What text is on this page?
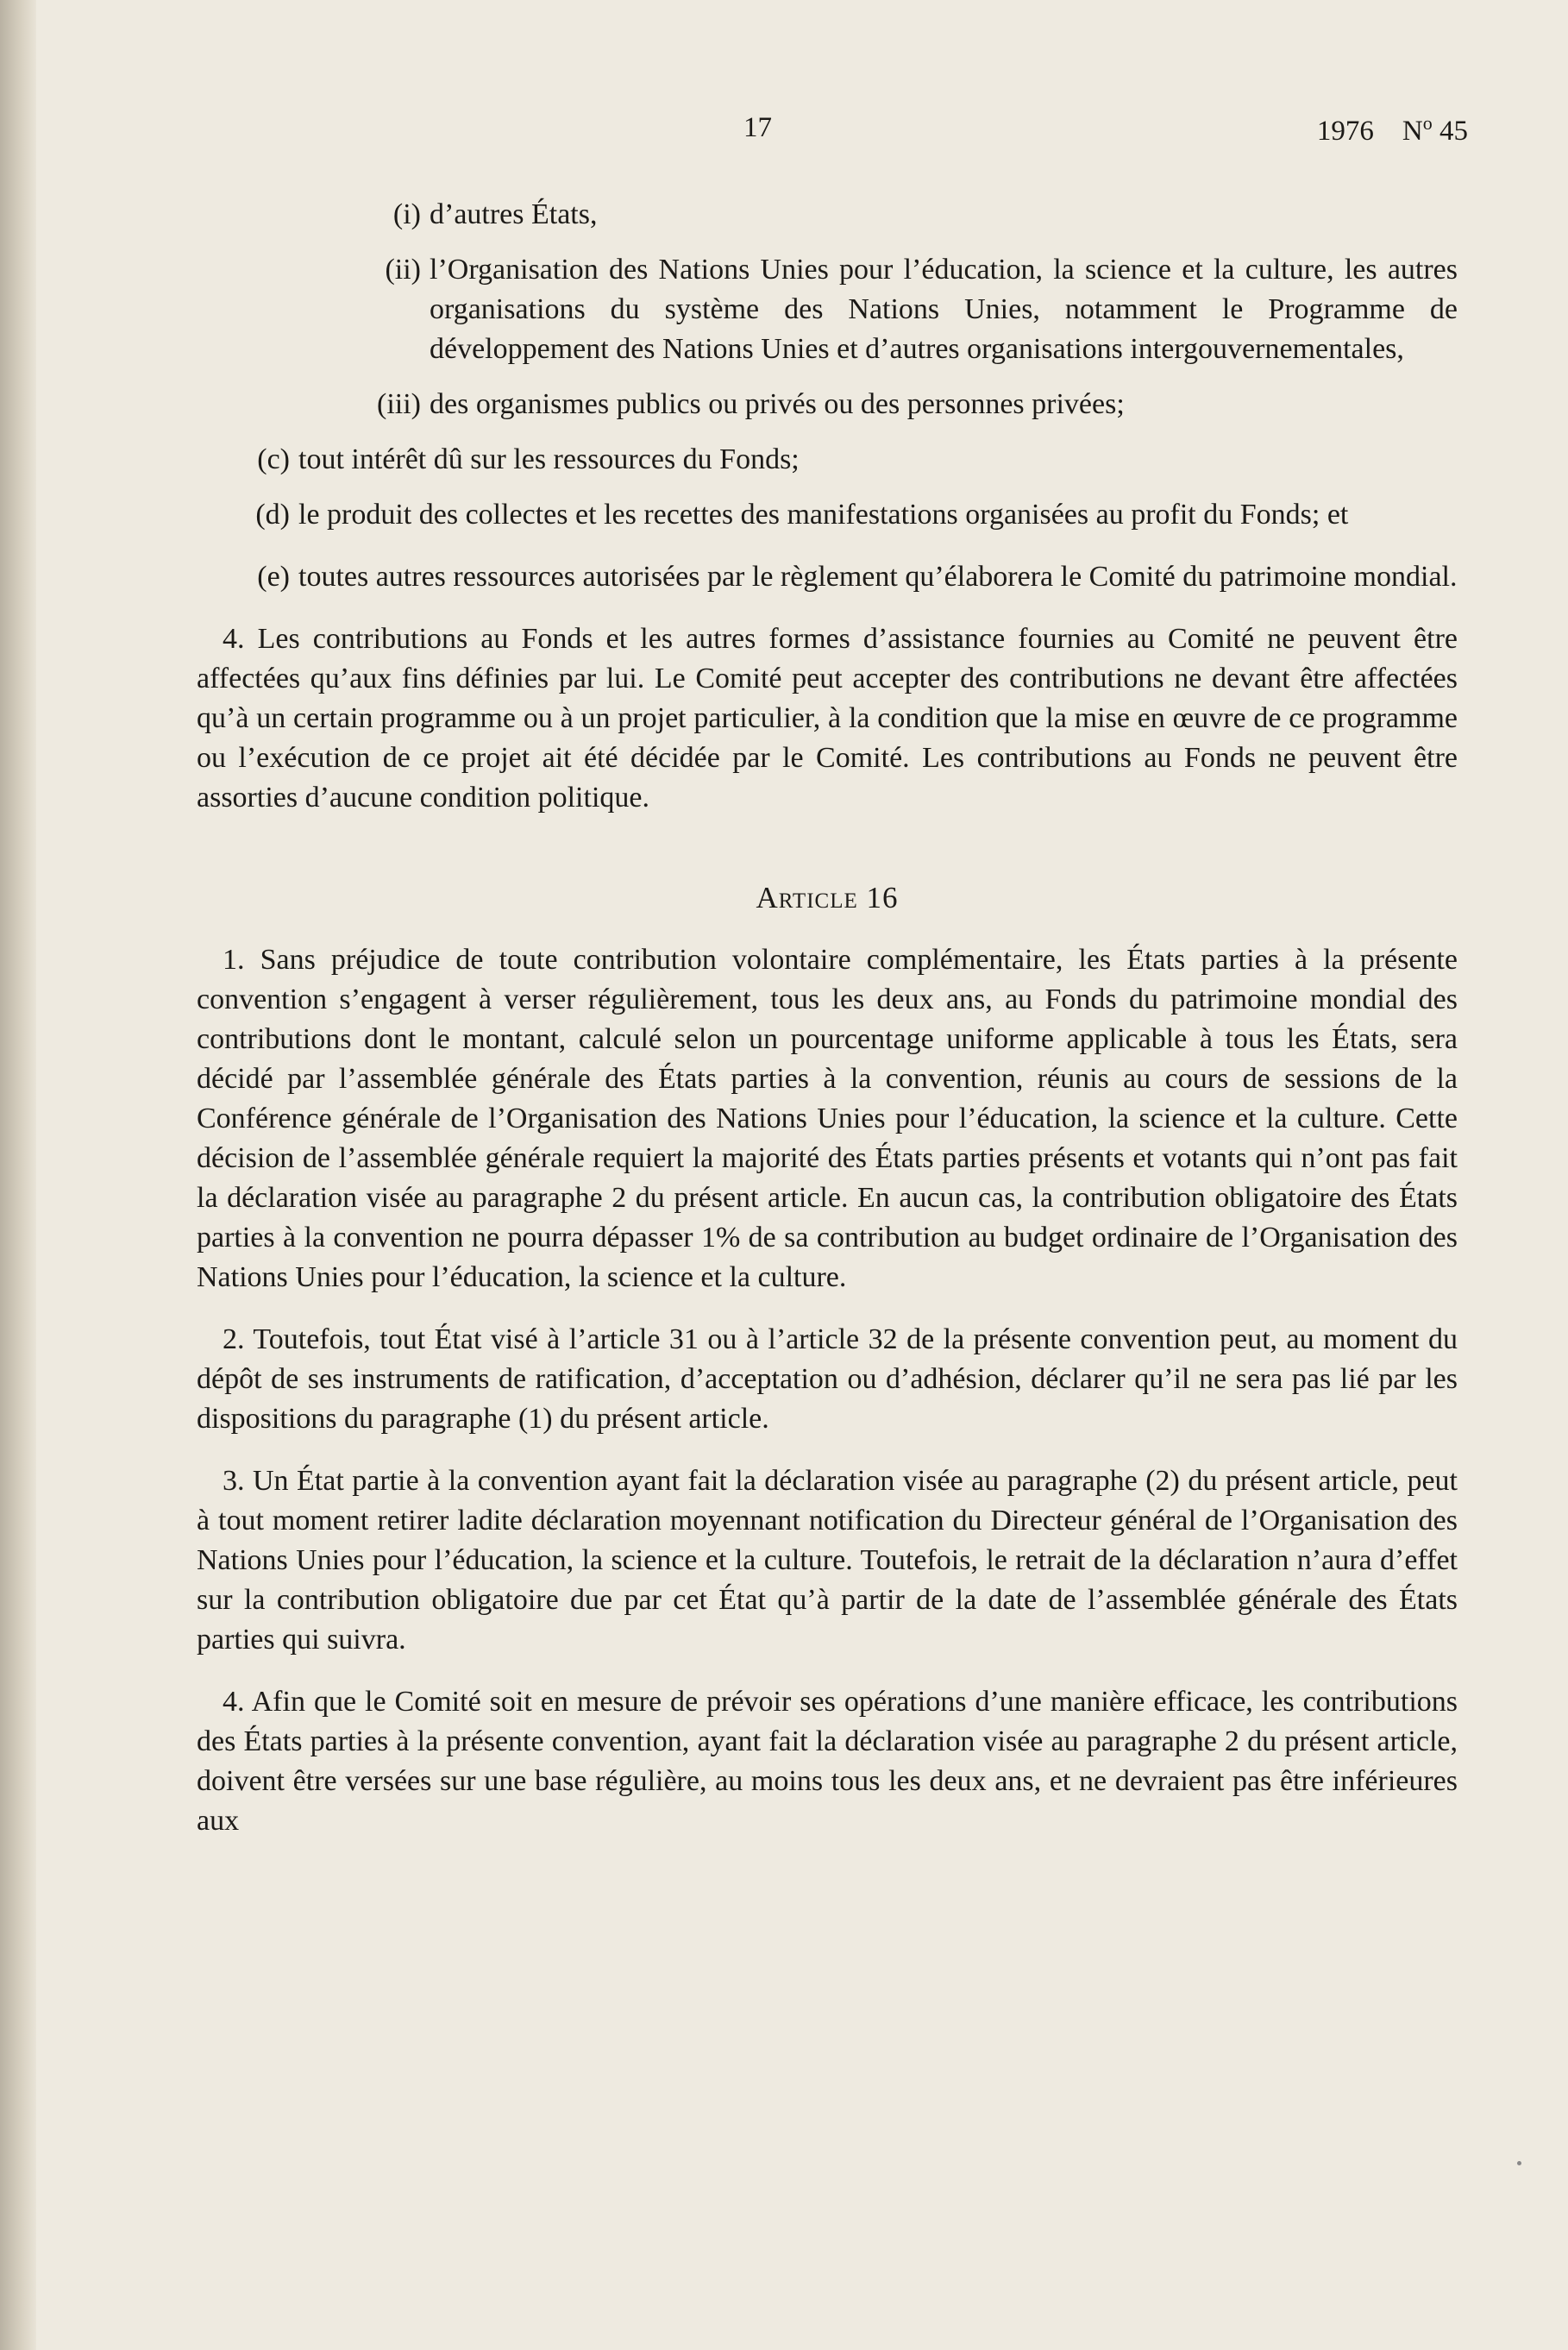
17	1976 $N^o$ 45
(i) d’autres États,
(ii) l’Organisation des Nations Unies pour l’éducation, la science et la culture, les autres organisations du système des Nations Unies, notamment le Programme de développement des Nations Unies et d’autres organisations intergouvernementales,
(iii) des organismes publics ou privés ou des personnes privées;
(c) tout intérêt dû sur les ressources du Fonds;
(d) le produit des collectes et les recettes des manifestations organisées au profit du Fonds; et
(e) toutes autres ressources autorisées par le règlement qu’élaborera le Comité du patrimoine mondial.

4. Les contributions au Fonds et les autres formes d’assistance fournies au Comité ne peuvent être affectées qu’aux fins définies par lui. Le Comité peut accepter des contributions ne devant être affectées qu’à un certain programme ou à un projet particulier, à la condition que la mise en œuvre de ce programme ou l’exécution de ce projet ait été décidée par le Comité. Les contributions au Fonds ne peuvent être assorties d’aucune condition politique.

Article 16

1. Sans préjudice de toute contribution volontaire complémentaire, les États parties à la présente convention s’engagent à verser régulièrement, tous les deux ans, au Fonds du patrimoine mondial des contributions dont le montant, calculé selon un pourcentage uniforme applicable à tous les États, sera décidé par l’assemblée générale des États parties à la convention, réunis au cours de sessions de la Conférence générale de l’Organisation des Nations Unies pour l’éducation, la science et la culture. Cette décision de l’assemblée générale requiert la majorité des États parties présents et votants qui n’ont pas fait la déclaration visée au paragraphe 2 du présent article. En aucun cas, la contribution obligatoire des États parties à la convention ne pourra dépasser 1% de sa contribution au budget ordinaire de l’Organisation des Nations Unies pour l’éducation, la science et la culture.

2. Toutefois, tout État visé à l’article 31 ou à l’article 32 de la présente convention peut, au moment du dépôt de ses instruments de ratification, d’acceptation ou d’adhésion, déclarer qu’il ne sera pas lié par les dispositions du paragraphe (1) du présent article.

3. Un État partie à la convention ayant fait la déclaration visée au paragraphe (2) du présent article, peut à tout moment retirer ladite déclaration moyennant notification du Directeur général de l’Organisation des Nations Unies pour l’éducation, la science et la culture. Toutefois, le retrait de la déclaration n’aura d’effet sur la contribution obligatoire due par cet État qu’à partir de la date de l’assemblée générale des États parties qui suivra.

4. Afin que le Comité soit en mesure de prévoir ses opérations d’une manière efficace, les contributions des États parties à la présente convention, ayant fait la déclaration visée au paragraphe 2 du présent article, doivent être versées sur une base régulière, au moins tous les deux ans, et ne devraient pas être inférieures aux
